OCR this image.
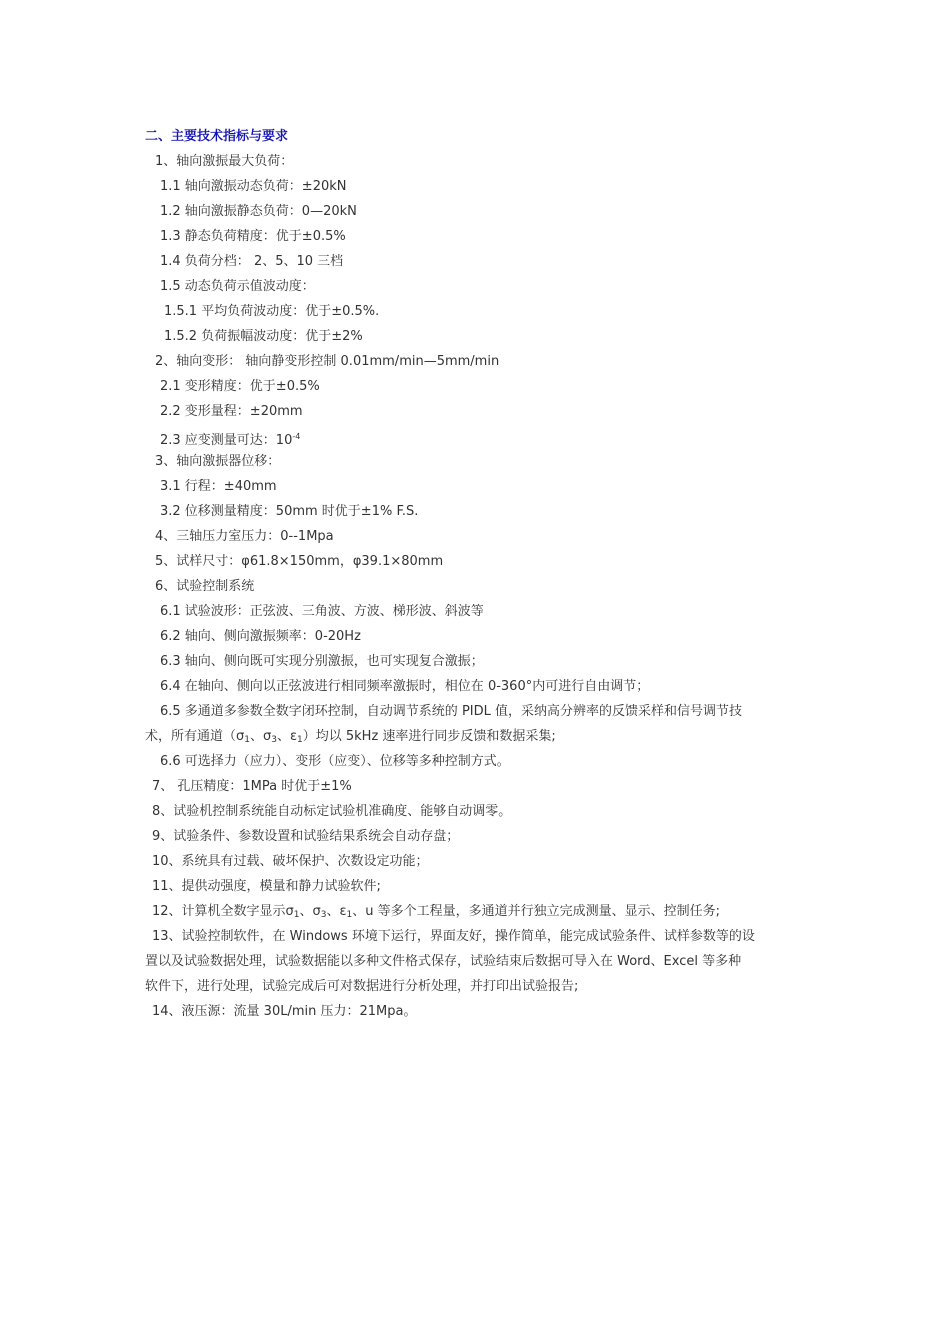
二、主要技术指标与要求
1、轴向激振最大负荷：
1.1 轴向激振动态负荷：±20kN
1.2 轴向激振静态负荷：0—20kN
1.3 静态负荷精度：优于±0.5%
1.4 负荷分档： 2、5、10 三档
1.5 动态负荷示值波动度：
1.5.1 平均负荷波动度：优于±0.5%.
1.5.2 负荷振幅波动度：优于±2%
2、轴向变形： 轴向静变形控制 0.01mm/min—5mm/min
2.1 变形精度：优于±0.5%
2.2 变形量程：±20mm
2.3 应变测量可达：$10^{-4}$
3、轴向激振器位移：
3.1 行程：±40mm
3.2 位移测量精度：50mm 时优于±1% F.S.
4、三轴压力室压力：0--1Mpa
5、试样尺寸：φ61.8×150mm，φ39.1×80mm
6、试验控制系统
6.1 试验波形：正弦波、三角波、方波、梯形波、斜波等
6.2 轴向、侧向激振频率：0-20Hz
6.3 轴向、侧向既可实现分别激振，也可实现复合激振；
6.4 在轴向、侧向以正弦波进行相同频率激振时，相位在 0-360°内可进行自由调节；
6.5 多通道多参数全数字闭环控制，自动调节系统的 PIDL 值，采纳高分辨率的反馈采样和信号调节技
术，所有通道（$\sigma_1$、$\sigma_3$、$\varepsilon_1$）均以 5kHz 速率进行同步反馈和数据采集;
6.6 可选择力（应力）、变形（应变）、位移等多种控制方式。
7、 孔压精度：1MPa 时优于±1%
8、试验机控制系统能自动标定试验机准确度、能够自动调零。
9、试验条件、参数设置和试验结果系统会自动存盘；
10、系统具有过载、破坏保护、次数设定功能；
11、提供动强度，模量和静力试验软件;
12、计算机全数字显示$\sigma_1$、$\sigma_3$、$\varepsilon_1$、u 等多个工程量，多通道并行独立完成测量、显示、控制任务;
13、试验控制软件，在 Windows 环境下运行，界面友好，操作简单，能完成试验条件、试样参数等的设
置以及试验数据处理，试验数据能以多种文件格式保存，试验结束后数据可导入在 Word、Excel 等多种
软件下，进行处理，试验完成后可对数据进行分析处理，并打印出试验报告;
14、液压源：流量 30L/min 压力：21Mpa。
